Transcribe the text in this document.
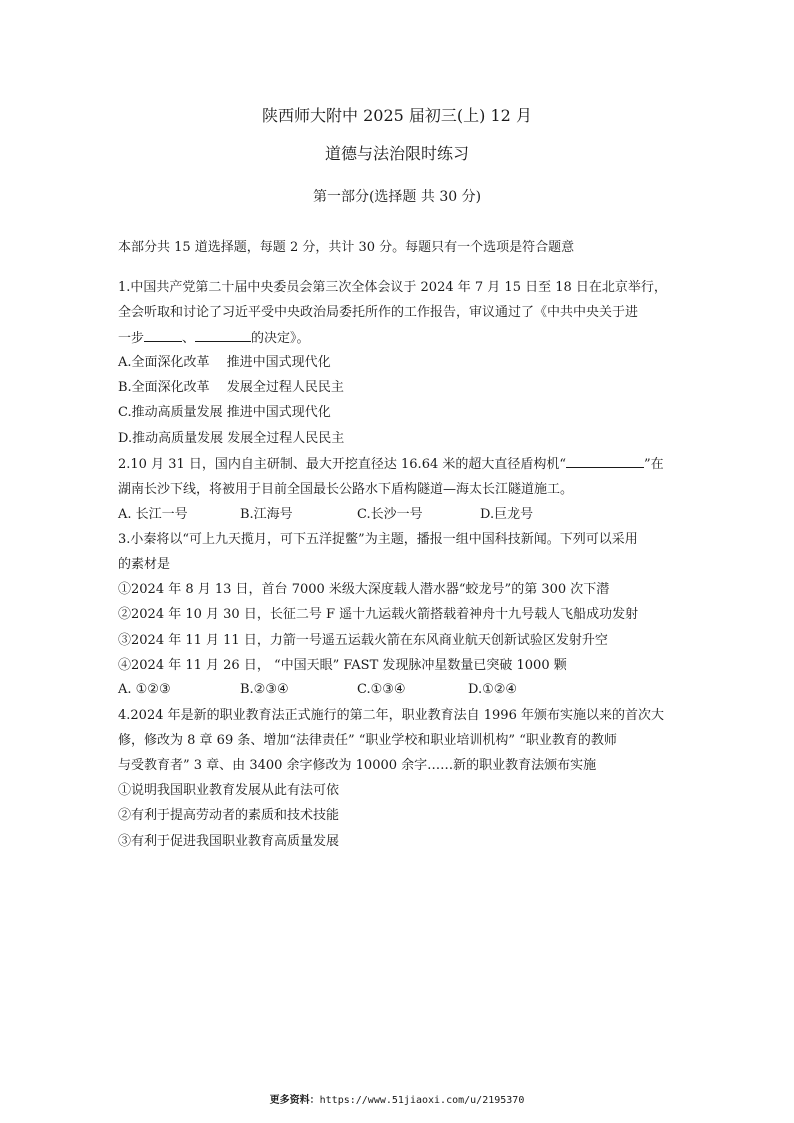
陕西师大附中 2025 届初三(上) 12 月
道德与法治限时练习
第一部分(选择题 共 30 分)
本部分共 15 道选择题，每题 2 分，共计 30 分。每题只有一个选项是符合题意
1.中国共产党第二十届中央委员会第三次全体会议于 2024 年 7 月 15 日至 18 日在北京举行，
全会听取和讨论了习近平受中央政治局委托所作的工作报告，审议通过了《中共中央关于进
一步	、	的决定》。
A.全面深化改革　 推进中国式现代化
B.全面深化改革　 发展全过程人民民主
C.推动高质量发展 推进中国式现代化
D.推动高质量发展 发展全过程人民民主
2.10 月 31 日，国内自主研制、最大开挖直径达 16.64 米的超大直径盾构机“	”在
湖南长沙下线，将被用于目前全国最长公路水下盾构隧道—海太长江隧道施工。
A. 长江一号	B.江海号	C.长沙一号	D.巨龙号
3.小秦将以“可上九天揽月，可下五洋捉鳖”为主题，播报一组中国科技新闻。下列可以采用
的素材是
①2024 年 8 月 13 日，首台 7000 米级大深度载人潜水器“蛟龙号”的第 300 次下潜
②2024 年 10 月 30 日，长征二号 F 遥十九运载火箭搭载着神舟十九号载人飞船成功发射
③2024 年 11 月 11 日，力箭一号遥五运载火箭在东风商业航天创新试验区发射升空
④2024 年 11 月 26 日， “中国天眼” FAST 发现脉冲星数量已突破 1000 颗
A. ①②③	B.②③④	C.①③④	D.①②④
4.2024 年是新的职业教育法正式施行的第二年，职业教育法自 1996 年颁布实施以来的首次大
修，修改为 8 章 69 条、增加“法律责任” “职业学校和职业培训机构” “职业教育的教师
与受教育者” 3 章、由 3400 余字修改为 10000 余字……新的职业教育法颁布实施
①说明我国职业教育发展从此有法可依
②有利于提高劳动者的素质和技术技能
③有利于促进我国职业教育高质量发展
更多资料：https://www.51jiaoxi.com/u/2195370
